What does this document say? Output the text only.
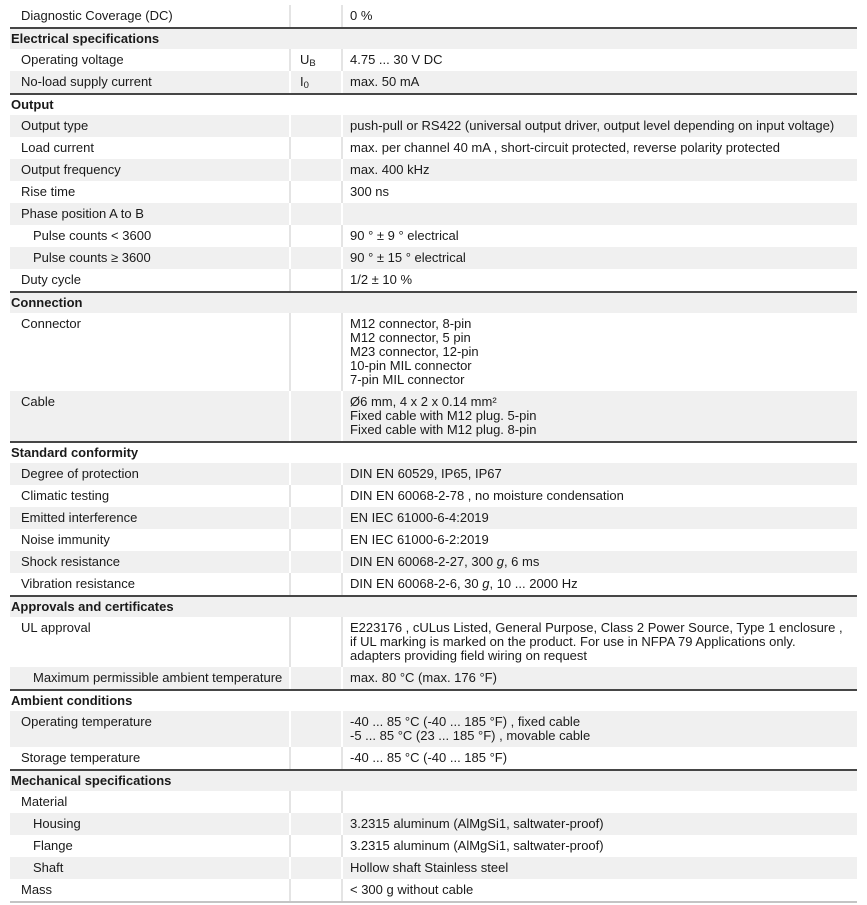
Diagnostic Coverage (DC)	0 %
Electrical specifications
Operating voltage	$U_B$	4.75 ... 30 V DC
No-load supply current	$I_0$	max. 50 mA
Output
Output type	push-pull or RS422 (universal output driver, output level depending on input voltage)
Load current	max. per channel 40 mA , short-circuit protected, reverse polarity protected
Output frequency	max. 400 kHz
Rise time	300 ns
Phase position A to B
Pulse counts < 3600	90 ° ± 9 ° electrical
Pulse counts ≥ 3600	90 ° ± 15 ° electrical
Duty cycle	1/2 ± 10 %
Connection
Connector	M12 connector, 8-pin
M12 connector, 5 pin
M23 connector, 12-pin
10-pin MIL connector
7-pin MIL connector
Cable	Ø6 mm, 4 x 2 x 0.14 mm²
Fixed cable with M12 plug. 5-pin
Fixed cable with M12 plug. 8-pin
Standard conformity
Degree of protection	DIN EN 60529, IP65, IP67
Climatic testing	DIN EN 60068-2-78 , no moisture condensation
Emitted interference	EN IEC 61000-6-4:2019
Noise immunity	EN IEC 61000-6-2:2019
Shock resistance	DIN EN 60068-2-27, 300 g, 6 ms
Vibration resistance	DIN EN 60068-2-6, 30 g, 10 ... 2000 Hz
Approvals and certificates
UL approval	E223176 , cULus Listed, General Purpose, Class 2 Power Source, Type 1 enclosure ,
if UL marking is marked on the product. For use in NFPA 79 Applications only.
adapters providing field wiring on request
Maximum permissible ambient temperature	max. 80 °C (max. 176 °F)
Ambient conditions
Operating temperature	-40 ... 85 °C (-40 ... 185 °F) , fixed cable
-5 ... 85 °C (23 ... 185 °F) , movable cable
Storage temperature	-40 ... 85 °C (-40 ... 185 °F)
Mechanical specifications
Material
Housing	3.2315 aluminum (AlMgSi1, saltwater-proof)
Flange	3.2315 aluminum (AlMgSi1, saltwater-proof)
Shaft	Hollow shaft Stainless steel
Mass	< 300 g without cable
